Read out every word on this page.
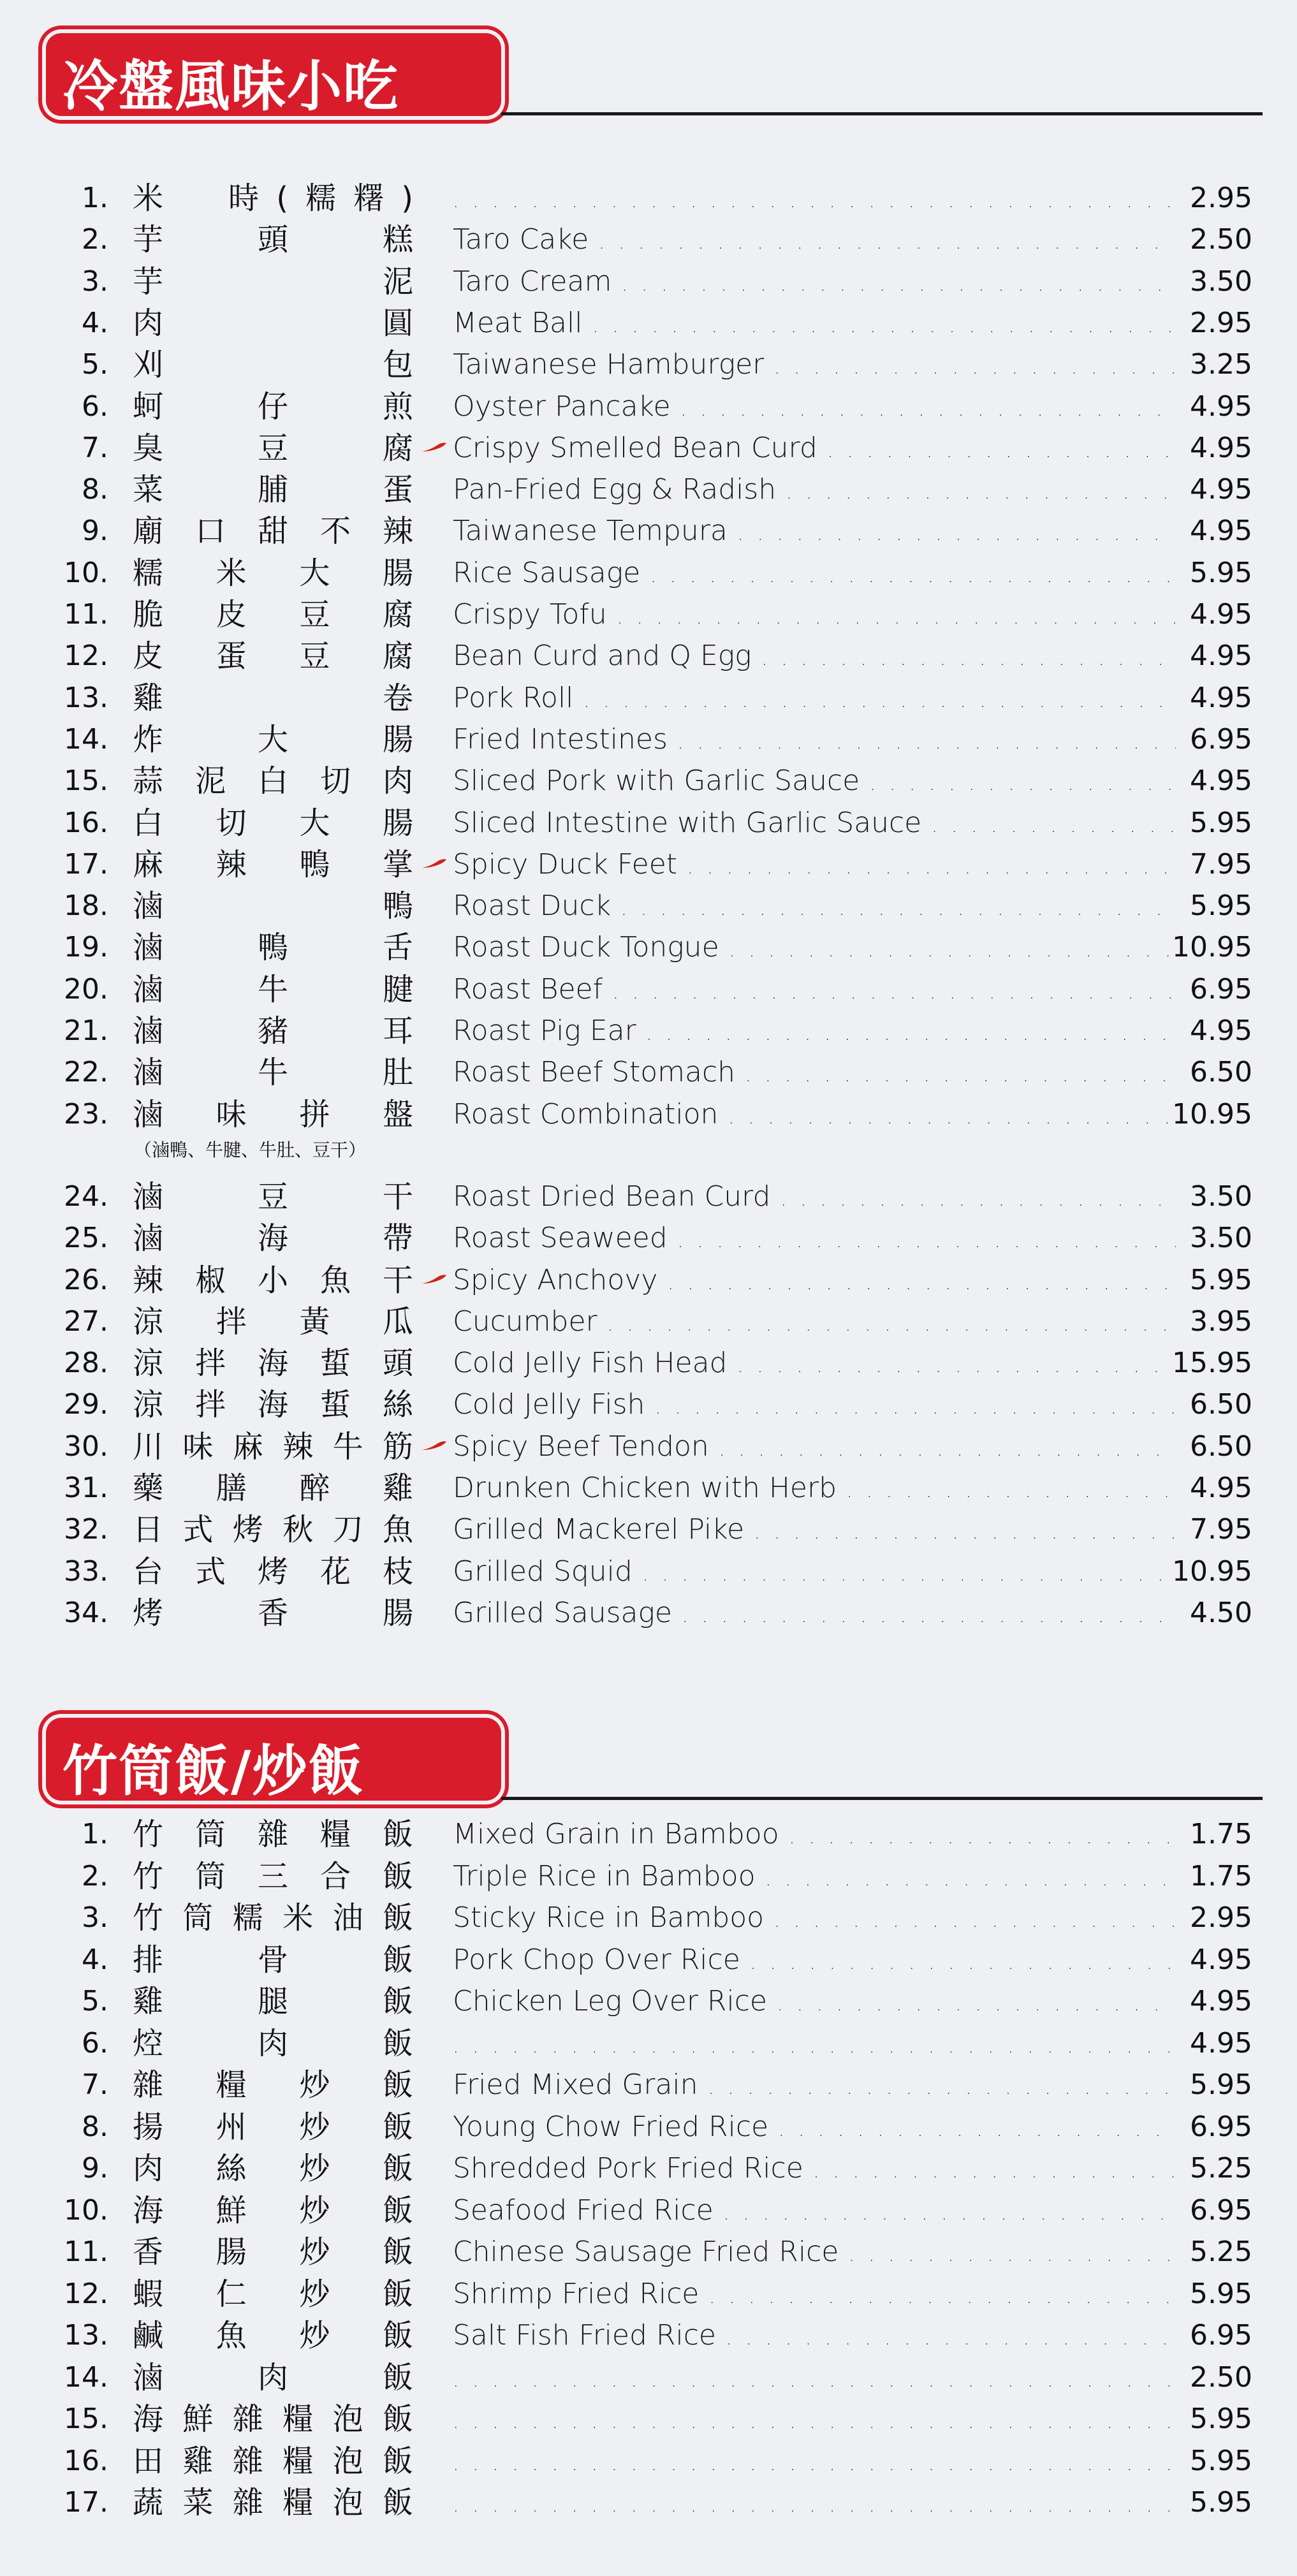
冷盤風味小吃
1. 米　時(糯糬) . . .	2.95
2. 芋頭糕 Taro Cake . . .	2.50
3. 芋泥 Taro Cream . . .	3.50
4. 肉圓 Meat Ball . . .	2.95
5. 刈包 Taiwanese Hamburger . . .	3.25
6. 蚵仔煎 Oyster Pancake . . .	4.95
7. 臭豆腐 Crispy Smelled Bean Curd . . .	4.95
8. 菜脯蛋 Pan-Fried Egg & Radish . . .	4.95
9. 廟口甜不辣 Taiwanese Tempura . . .	4.95
10. 糯米大腸 Rice Sausage . . .	5.95
11. 脆皮豆腐 Crispy Tofu . . .	4.95
12. 皮蛋豆腐 Bean Curd and Q Egg . . .	4.95
13. 雞卷 Pork Roll . . .	4.95
14. 炸大腸 Fried Intestines . . .	6.95
15. 蒜泥白切肉 Sliced Pork with Garlic Sauce . . .	4.95
16. 白切大腸 Sliced Intestine with Garlic Sauce . . .	5.95
17. 麻辣鴨掌 Spicy Duck Feet . . .	7.95
18. 滷鴨 Roast Duck . . .	5.95
19. 滷鴨舌 Roast Duck Tongue . . .	10.95
20. 滷牛腱 Roast Beef . . .	6.95
21. 滷豬耳 Roast Pig Ear . . .	4.95
22. 滷牛肚 Roast Beef Stomach . . .	6.50
23. 滷味拼盤 Roast Combination . . .	10.95
（滷鴨、牛腱、牛肚、豆干）
24. 滷豆干 Roast Dried Bean Curd . . .	3.50
25. 滷海帶 Roast Seaweed . . .	3.50
26. 辣椒小魚干 Spicy Anchovy . . .	5.95
27. 涼拌黃瓜 Cucumber . . .	3.95
28. 涼拌海蜇頭 Cold Jelly Fish Head . . .	15.95
29. 涼拌海蜇絲 Cold Jelly Fish . . .	6.50
30. 川味麻辣牛筋 Spicy Beef Tendon . . .	6.50
31. 藥膳醉雞 Drunken Chicken with Herb . . .	4.95
32. 日式烤秋刀魚 Grilled Mackerel Pike . . .	7.95
33. 台式烤花枝 Grilled Squid . . .	10.95
34. 烤香腸 Grilled Sausage . . .	4.50
竹筒飯/炒飯
1. 竹筒雜糧飯 Mixed Grain in Bamboo . . .	1.75
2. 竹筒三合飯 Triple Rice in Bamboo . . .	1.75
3. 竹筒糯米油飯 Sticky Rice in Bamboo . . .	2.95
4. 排骨飯 Pork Chop Over Rice . . .	4.95
5. 雞腿飯 Chicken Leg Over Rice . . .	4.95
6. 焢肉飯 . . .	4.95
7. 雜糧炒飯 Fried Mixed Grain . . .	5.95
8. 揚州炒飯 Young Chow Fried Rice . . .	6.95
9. 肉絲炒飯 Shredded Pork Fried Rice . . .	5.25
10. 海鮮炒飯 Seafood Fried Rice . . .	6.95
11. 香腸炒飯 Chinese Sausage Fried Rice . . .	5.25
12. 蝦仁炒飯 Shrimp Fried Rice . . .	5.95
13. 鹹魚炒飯 Salt Fish Fried Rice . . .	6.95
14. 滷肉飯 . . .	2.50
15. 海鮮雜糧泡飯 . . .	5.95
16. 田雞雜糧泡飯 . . .	5.95
17. 蔬菜雜糧泡飯 . . .	5.95
